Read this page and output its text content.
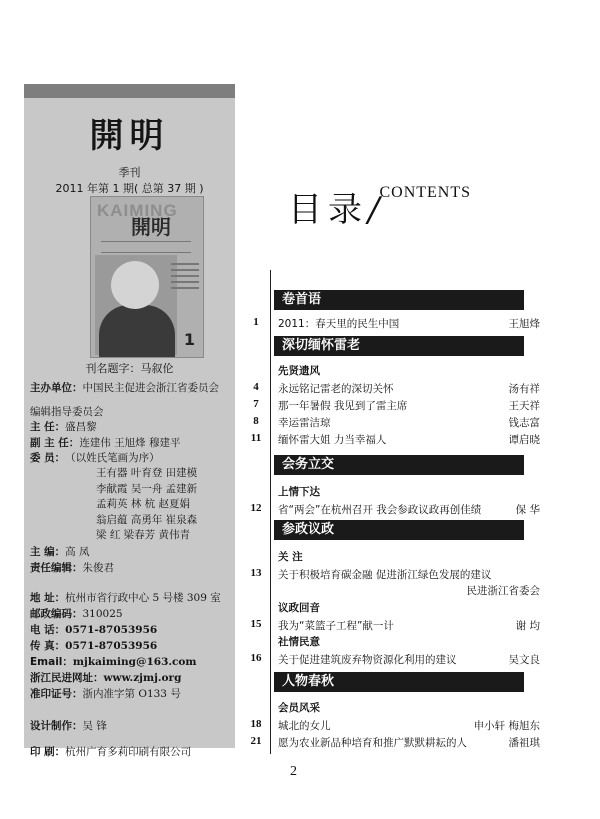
開明
季刊
2011 年第 1 期( 总第 37 期 )
KAIMING
開明
1
刊名题字：马叙伦
主办单位：中国民主促进会浙江省委员会
编辑指导委员会
主 任：盛昌黎
副 主 任：连建伟 王旭烽 穆建平
委 员：（以姓氏笔画为序）
王有器 叶育登 田建模
李献霞 吴一舟 孟建新
孟莉英 林 杭 赵夏娟
翁启蕴 高勇年 崔泉森
梁 红 梁春芳 黄伟青
主 编：高 凤
责任编辑：朱俊君
地 址：杭州市省行政中心 5 号楼 309 室
邮政编码：310025
电 话：0571-87053956
传 真：0571-87053956
Email：mjkaiming@163.com
浙江民进网址：www.zjmj.org
准印证号：浙内准字第 O133 号
设计制作：吴 锋
印 刷：杭州广育多莉印刷有限公司
目录/CONTENTS
卷首语
1	2011：春天里的民生中国	王旭烽
深切缅怀雷老
先贤遗风
4	永远铭记雷老的深切关怀	汤有祥
7	那一年暑假 我见到了雷主席	王天祥
8	幸运雷洁琼	钱志富
11	缅怀雷大姐 力当幸福人	谭启晓
会务立交
上情下达
12	省“两会”在杭州召开 我会参政议政再创佳绩	保 华
参政议政
关 注
13	关于积极培育碳金融 促进浙江绿色发展的建议
民进浙江省委会
议政回音
15	我为“菜篮子工程”献一计	谢 均
社情民意
16	关于促进建筑废弃物资源化利用的建议	吴文良
人物春秋
会员风采
18	城北的女儿	申小轩 梅旭东
21	愿为农业新品种培育和推广默默耕耘的人	潘祖琪
2
